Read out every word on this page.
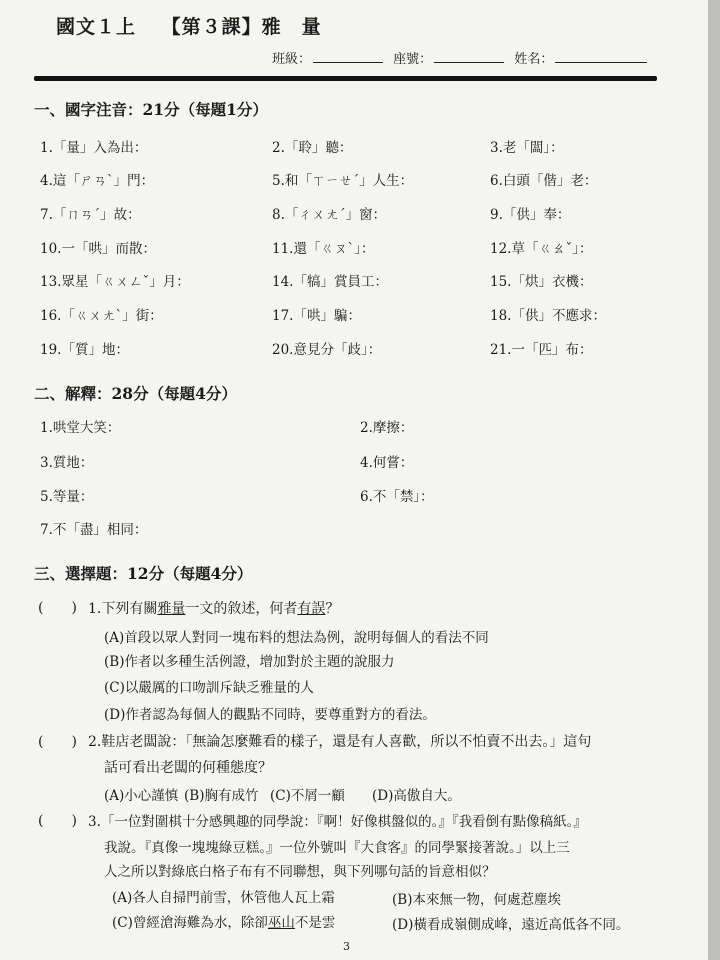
國文１上 【第３課】雅　量
班級：	座號：	姓名：
一、國字注音：21分（每題1分）
1.「量」入為出：	2.「聆」聽：	3.老「闆」：
4.這「ㄕㄢˋ」門：	5.和「ㄒㄧㄝˊ」人生：	6.白頭「偕」老：
7.「ㄇㄢˊ」故：	8.「ㄔㄨㄤˊ」窗：	9.「供」奉：
10.一「哄」而散：	11.還「ㄍㄡˋ」：	12.草「ㄍㄠˇ」：
13.眾星「ㄍㄨㄥˇ」月：	14.「犒」賞員工：	15.「烘」衣機：
16.「ㄍㄨㄤˋ」街：	17.「哄」騙：	18.「供」不應求：
19.「質」地：	20.意見分「歧」：	21.一「匹」布：
二、解釋：28分（每題4分）
1.哄堂大笑：	2.摩擦：
3.質地：	4.何嘗：
5.等量：	6.不「禁」：
7.不「盡」相同：
三、選擇題：12分（每題4分）
(　　) 1.下列有關雅量一文的敘述，何者有誤？
(A)首段以眾人對同一塊布料的想法為例，說明每個人的看法不同
(B)作者以多種生活例證，增加對於主題的說服力
(C)以嚴厲的口吻訓斥缺乏雅量的人
(D)作者認為每個人的觀點不同時，要尊重對方的看法。
(　　) 2.鞋店老闆說：「無論怎麼難看的樣子，還是有人喜歡，所以不怕賣不出去。」這句
話可看出老闆的何種態度？
(A)小心謹慎 (B)胸有成竹 (C)不屑一顧 (D)高傲自大。
(　　) 3.「一位對圍棋十分感興趣的同學說：『啊！好像棋盤似的。』『我看倒有點像稿紙。』
我說。『真像一塊塊綠豆糕。』一位外號叫『大食客』的同學緊接著說。」以上三
人之所以對綠底白格子布有不同聯想，與下列哪句話的旨意相似？
(A)各人自掃門前雪，休管他人瓦上霜	(B)本來無一物，何處惹塵埃
(C)曾經滄海難為水，除卻巫山不是雲	(D)橫看成嶺側成峰，遠近高低各不同。
3
